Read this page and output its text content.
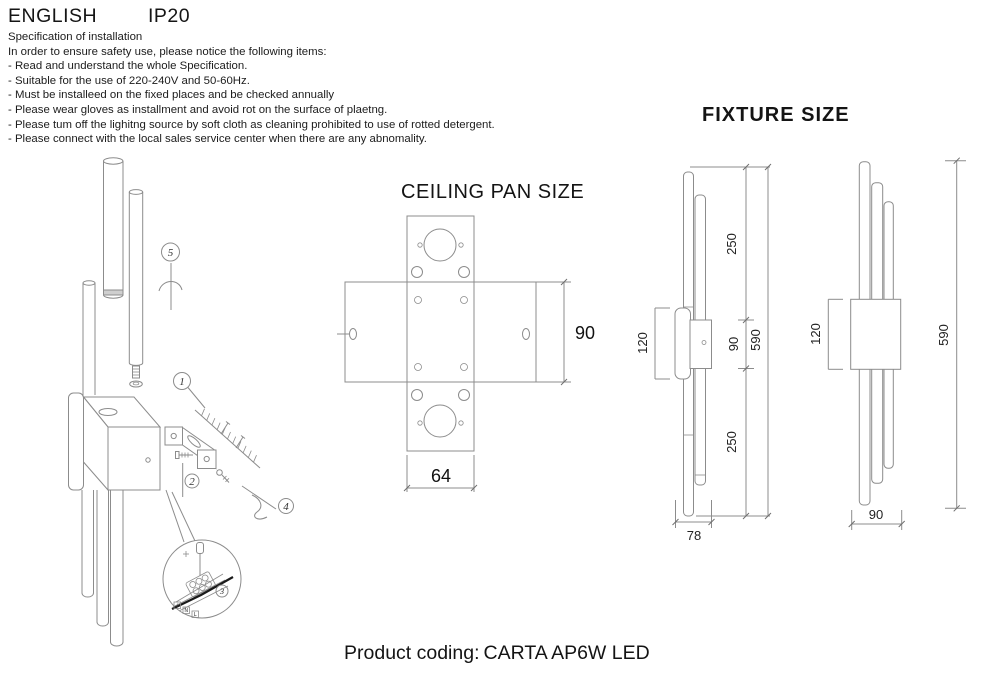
ENGLISH	IP20
Specification of installation
In order to ensure safety use, please notice the following items:
- Read and understand the whole Specification.
- Suitable for the use of 220-240V and 50-60Hz.
- Must be installeed on the fixed places and be checked annually
- Please wear gloves as installment and avoid rot on the surface of plaetng.
- Please tum off the lighitng source by soft cloth as cleaning prohibited to use of rotted detergent.
- Please connect with the local sales service center when there are any abnomality.
5
2
1
4
3
⏚
N
L
CEILING PAN SIZE
90
64
FIXTURE SIZE
250
90
250
590
120
78
120	590
90
Product coding: CARTA AP6W LED
